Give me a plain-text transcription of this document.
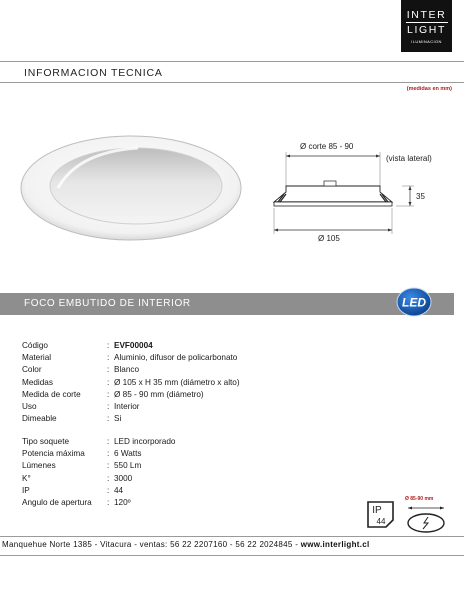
INTER
LIGHT
ILUMINACION
INFORMACION TECNICA
(medidas en mm)
Ø corte 85 - 90
(vista lateral)
35
Ø 105
FOCO EMBUTIDO DE INTERIOR	LED
Código	: EVF00004
Material	: Aluminio, difusor de policarbonato
Color	: Blanco
Medidas	: Ø 105 x H 35 mm (diámetro x alto)
Medida de corte	: Ø 85 - 90 mm (diámetro)
Uso	: Interior
Dimeable	: Si
Tipo soquete	: LED incorporado
Potencia máxima	: 6 Watts
Lúmenes	: 550 Lm
K°	: 3000
IP	: 44
Angulo de apertura	: 120º
IP
44
Ø 85-90 mm
Manquehue Norte 1385 - Vitacura - ventas: 56 22 2207160 - 56 22 2024845 - www.interlight.cl
